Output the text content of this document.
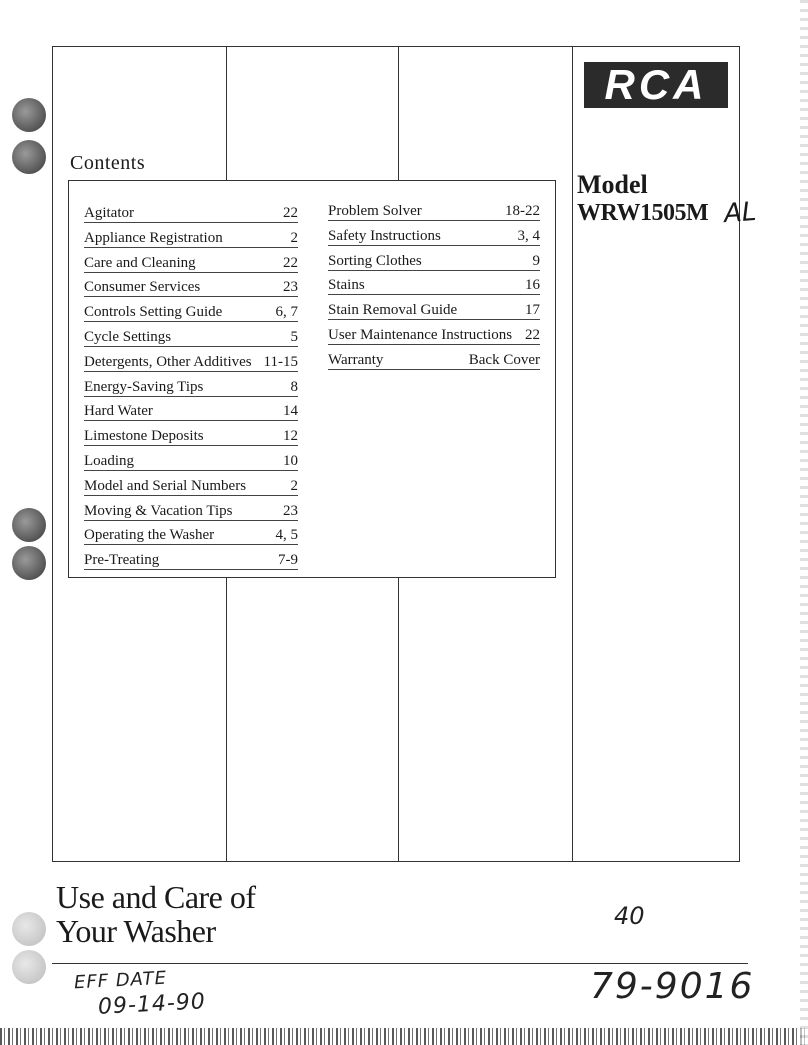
RCA
Model
WRW1505M AL
Contents
Agitator	22
Appliance Registration	2
Care and Cleaning	22
Consumer Services	23
Controls Setting Guide	6, 7
Cycle Settings	5
Detergents, Other Additives 11-15
Energy-Saving Tips	8
Hard Water	14
Limestone Deposits	12
Loading	10
Model and Serial Numbers	2
Moving & Vacation Tips	23
Operating the Washer	4, 5
Pre-Treating	7-9
Problem Solver	18-22
Safety Instructions	3, 4
Sorting Clothes	9
Stains	16
Stain Removal Guide	17
User Maintenance Instructions 22
Warranty	Back Cover
Use and Care of
Your Washer	40
EFF DATE
09-14-90	79-9016
